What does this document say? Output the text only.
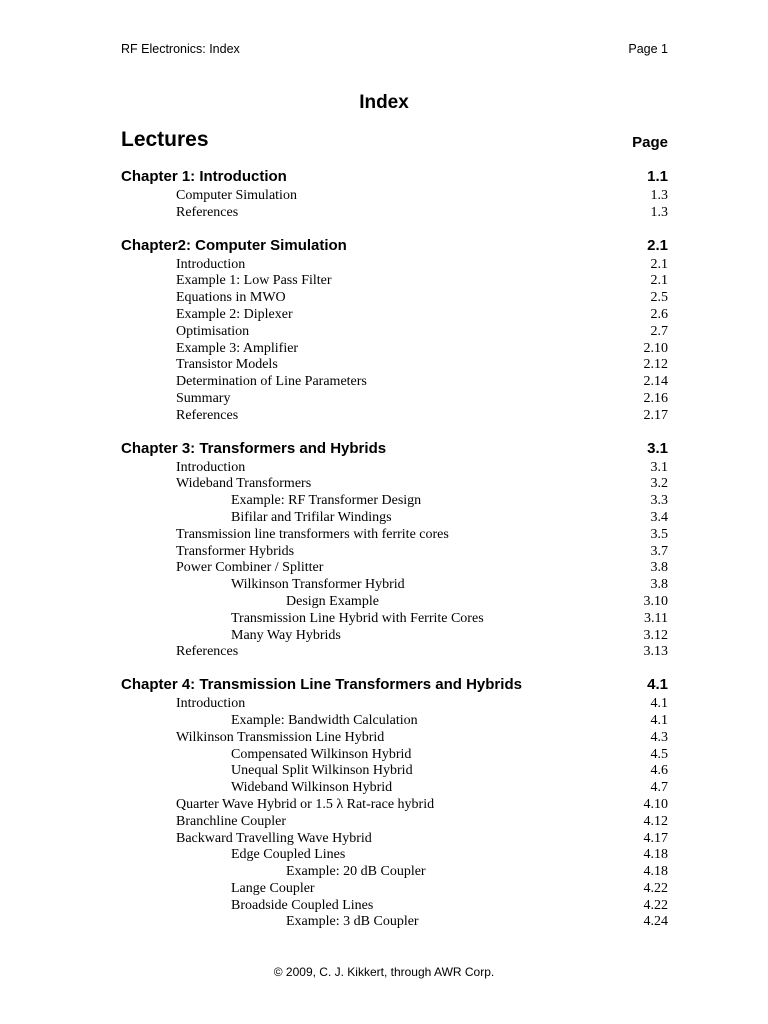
RF Electronics: Index	Page 1
Index
Lectures	Page
Chapter 1: Introduction	1.1
Computer Simulation	1.3
References	1.3
Chapter2: Computer Simulation	2.1
Introduction	2.1
Example 1: Low Pass Filter	2.1
Equations in MWO	2.5
Example 2: Diplexer	2.6
Optimisation	2.7
Example 3: Amplifier	2.10
Transistor Models	2.12
Determination of Line Parameters	2.14
Summary	2.16
References	2.17
Chapter 3: Transformers and Hybrids	3.1
Introduction	3.1
Wideband Transformers	3.2
Example: RF Transformer Design	3.3
Bifilar and Trifilar Windings	3.4
Transmission line transformers with ferrite cores	3.5
Transformer Hybrids	3.7
Power Combiner / Splitter	3.8
Wilkinson Transformer Hybrid	3.8
Design Example	3.10
Transmission Line Hybrid with Ferrite Cores	3.11
Many Way Hybrids	3.12
References	3.13
Chapter 4: Transmission Line Transformers and Hybrids	4.1
Introduction	4.1
Example: Bandwidth Calculation	4.1
Wilkinson Transmission Line Hybrid	4.3
Compensated Wilkinson Hybrid	4.5
Unequal Split Wilkinson Hybrid	4.6
Wideband Wilkinson Hybrid	4.7
Quarter Wave Hybrid or 1.5 λ Rat-race hybrid	4.10
Branchline Coupler	4.12
Backward Travelling Wave Hybrid	4.17
Edge Coupled Lines	4.18
Example: 20 dB Coupler	4.18
Lange Coupler	4.22
Broadside Coupled Lines	4.22
Example: 3 dB Coupler	4.24
© 2009, C. J. Kikkert, through AWR Corp.
